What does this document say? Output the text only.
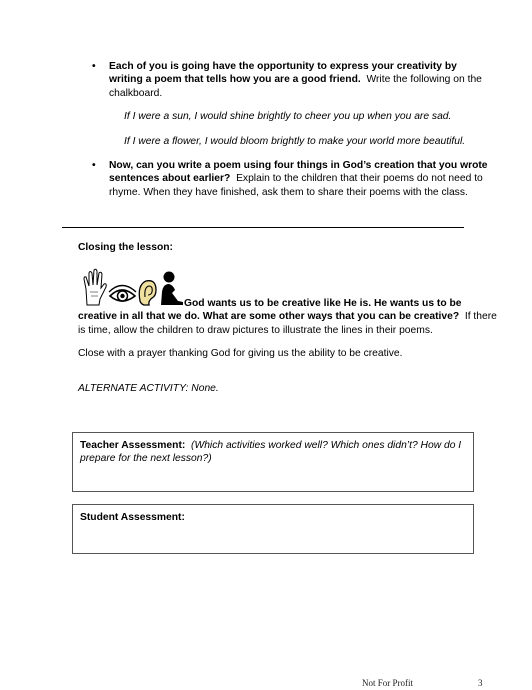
• Each of you is going have the opportunity to express your creativity by writing a poem that tells how you are a good friend. Write the following on the chalkboard.

If I were a sun, I would shine brightly to cheer you up when you are sad.

If I were a flower, I would bloom brightly to make your world more beautiful.

• Now, can you write a poem using four things in God’s creation that you wrote sentences about earlier? Explain to the children that their poems do not need to rhyme. When they have finished, ask them to share their poems with the class.
Closing the lesson:
God wants us to be creative like He is. He wants us to be creative in all that we do. What are some other ways that you can be creative? If there is time, allow the children to draw pictures to illustrate the lines in their poems.
Close with a prayer thanking God for giving us the ability to be creative.
ALTERNATE ACTIVITY: None.
Teacher Assessment: (Which activities worked well? Which ones didn’t? How do I prepare for the next lesson?)
Student Assessment:
Not For Profit	3
